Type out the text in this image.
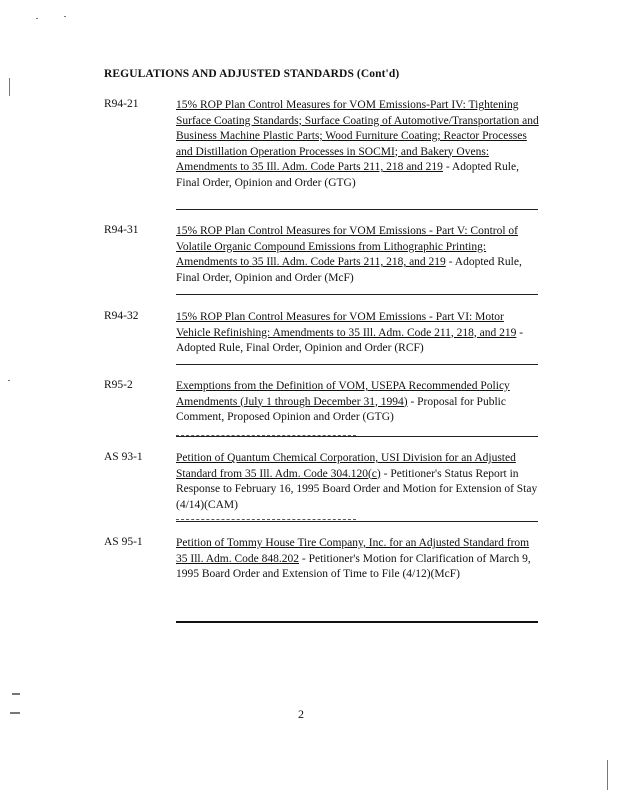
REGULATIONS AND ADJUSTED STANDARDS (Cont'd)
R94-21	15% ROP Plan Control Measures for VOM Emissions-Part IV: Tightening Surface Coating Standards; Surface Coating of Automotive/Transportation and Business Machine Plastic Parts; Wood Furniture Coating; Reactor Processes and Distillation Operation Processes in SOCMI; and Bakery Ovens: Amendments to 35 Ill. Adm. Code Parts 211, 218 and 219 - Adopted Rule, Final Order, Opinion and Order (GTG)
R94-31	15% ROP Plan Control Measures for VOM Emissions - Part V: Control of Volatile Organic Compound Emissions from Lithographic Printing: Amendments to 35 Ill. Adm. Code Parts 211, 218, and 219 - Adopted Rule, Final Order, Opinion and Order (McF)
R94-32	15% ROP Plan Control Measures for VOM Emissions - Part VI: Motor Vehicle Refinishing: Amendments to 35 Ill. Adm. Code 211, 218, and 219 - Adopted Rule, Final Order, Opinion and Order (RCF)
R95-2	Exemptions from the Definition of VOM, USEPA Recommended Policy Amendments (July 1 through December 31, 1994) - Proposal for Public Comment, Proposed Opinion and Order (GTG)
AS 93-1	Petition of Quantum Chemical Corporation, USI Division for an Adjusted Standard from 35 Ill. Adm. Code 304.120(c) - Petitioner's Status Report in Response to February 16, 1995 Board Order and Motion for Extension of Stay (4/14)(CAM)
AS 95-1	Petition of Tommy House Tire Company, Inc. for an Adjusted Standard from 35 Ill. Adm. Code 848.202 - Petitioner's Motion for Clarification of March 9, 1995 Board Order and Extension of Time to File (4/12)(McF)
2
